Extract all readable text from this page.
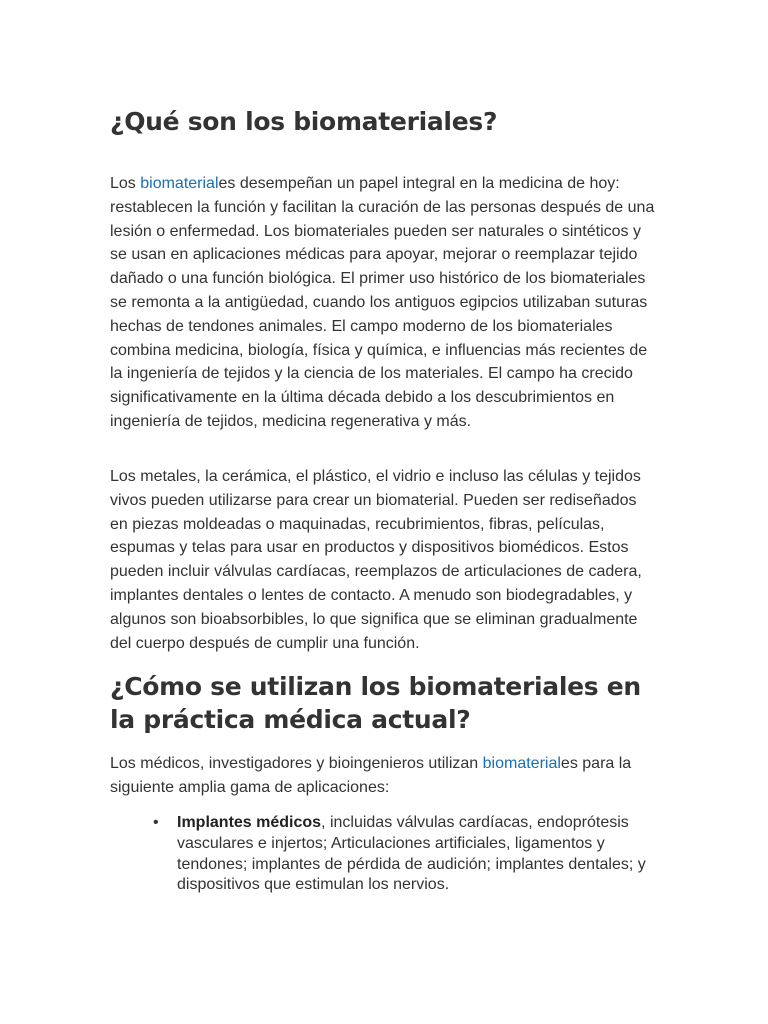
¿Qué son los biomateriales?

Los biomateriales desempeñan un papel integral en la medicina de hoy: restablecen la función y facilitan la curación de las personas después de una lesión o enfermedad. Los biomateriales pueden ser naturales o sintéticos y se usan en aplicaciones médicas para apoyar, mejorar o reemplazar tejido dañado o una función biológica. El primer uso histórico de los biomateriales se remonta a la antigüedad, cuando los antiguos egipcios utilizaban suturas hechas de tendones animales. El campo moderno de los biomateriales combina medicina, biología, física y química, e influencias más recientes de la ingeniería de tejidos y la ciencia de los materiales. El campo ha crecido significativamente en la última década debido a los descubrimientos en ingeniería de tejidos, medicina regenerativa y más.

Los metales, la cerámica, el plástico, el vidrio e incluso las células y tejidos vivos pueden utilizarse para crear un biomaterial. Pueden ser rediseñados en piezas moldeadas o maquinadas, recubrimientos, fibras, películas, espumas y telas para usar en productos y dispositivos biomédicos. Estos pueden incluir válvulas cardíacas, reemplazos de articulaciones de cadera, implantes dentales o lentes de contacto. A menudo son biodegradables, y algunos son bioabsorbibles, lo que significa que se eliminan gradualmente del cuerpo después de cumplir una función.

¿Cómo se utilizan los biomateriales en la práctica médica actual?

Los médicos, investigadores y bioingenieros utilizan biomateriales para la siguiente amplia gama de aplicaciones:

• Implantes médicos, incluidas válvulas cardíacas, endoprótesis vasculares e injertos; Articulaciones artificiales, ligamentos y tendones; implantes de pérdida de audición; implantes dentales; y dispositivos que estimulan los nervios.
